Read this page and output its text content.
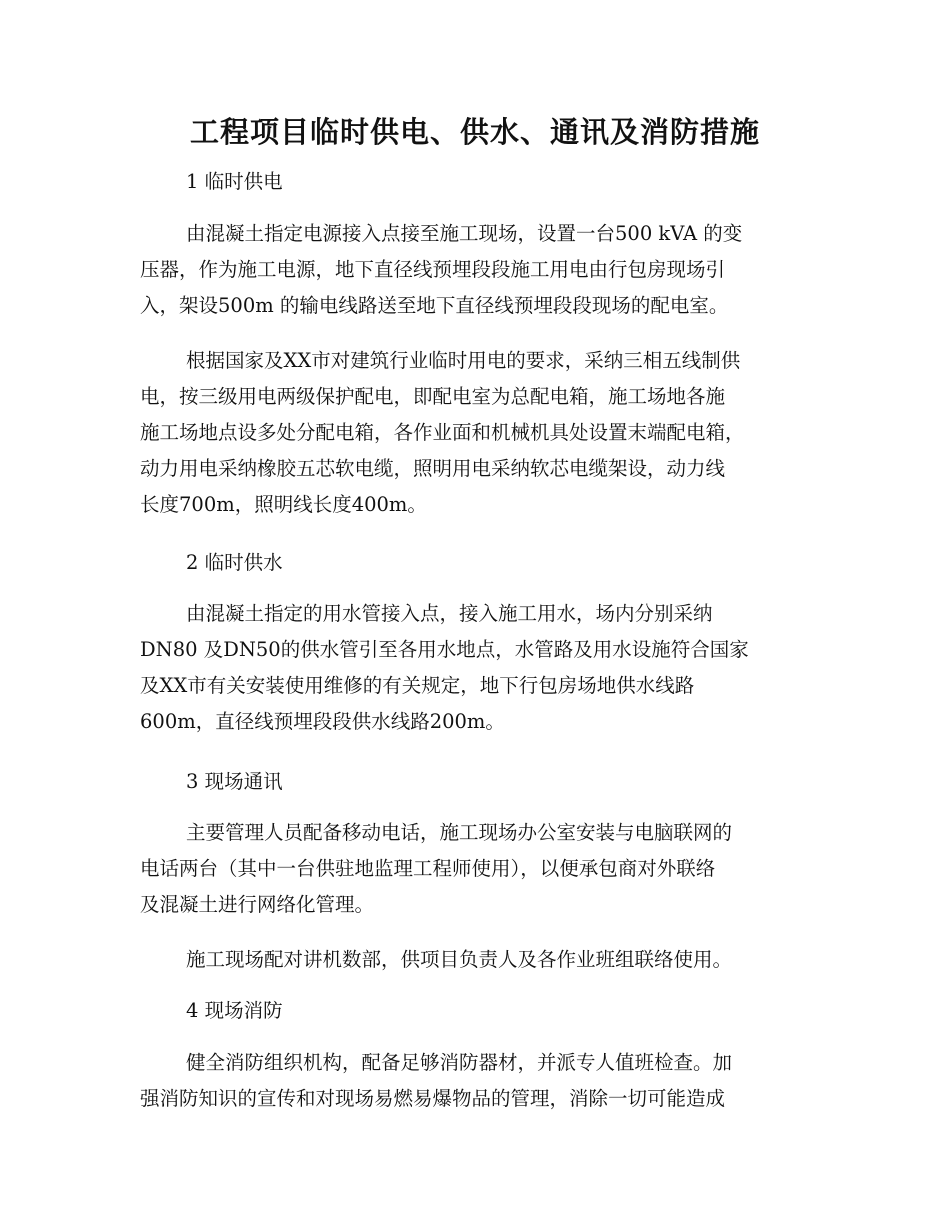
工程项目临时供电、供水、通讯及消防措施

1 临时供电

由混凝土指定电源接入点接至施工现场，设置一台500 kVA 的变
压器，作为施工电源，地下直径线预埋段段施工用电由行包房现场引
入，架设500m 的输电线路送至地下直径线预埋段段现场的配电室。

根据国家及XX市对建筑行业临时用电的要求，采纳三相五线制供
电，按三级用电两级保护配电，即配电室为总配电箱，施工场地各施
施工场地点设多处分配电箱，各作业面和机械机具处设置末端配电箱，
动力用电采纳橡胶五芯软电缆，照明用电采纳软芯电缆架设，动力线
长度700m，照明线长度400m。

2 临时供水

由混凝土指定的用水管接入点，接入施工用水，场内分别采纳
DN80 及DN50的供水管引至各用水地点，水管路及用水设施符合国家
及XX市有关安装使用维修的有关规定，地下行包房场地供水线路
600m，直径线预埋段段供水线路200m。

3 现场通讯

主要管理人员配备移动电话，施工现场办公室安装与电脑联网的
电话两台（其中一台供驻地监理工程师使用），以便承包商对外联络
及混凝土进行网络化管理。

施工现场配对讲机数部，供项目负责人及各作业班组联络使用。

4 现场消防

健全消防组织机构，配备足够消防器材，并派专人值班检查。加
强消防知识的宣传和对现场易燃易爆物品的管理，消除一切可能造成
